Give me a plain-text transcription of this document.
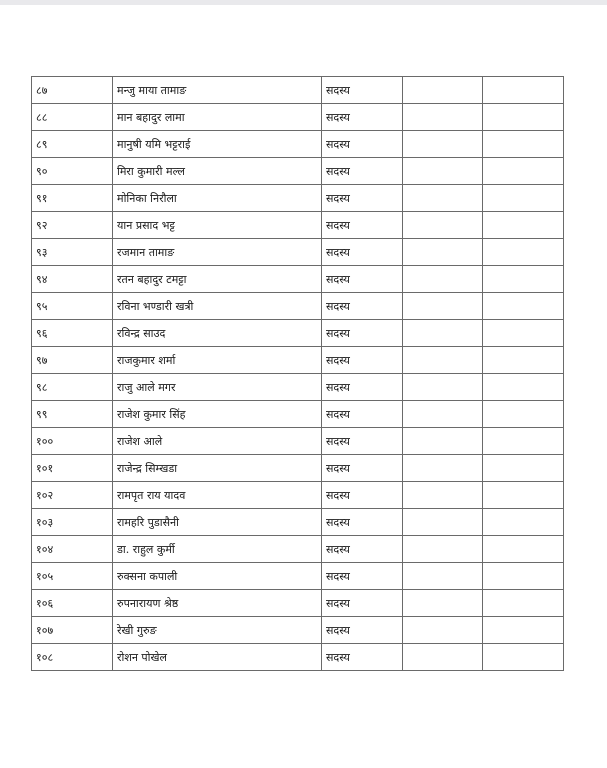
८७	मन्जु माया तामाङ	सदस्य		
८८	मान बहादुर लामा	सदस्य		
८९	मानुषी यमि भट्टराई	सदस्य		
९०	मिरा कुमारी मल्ल	सदस्य		
९१	मोनिका निरौला	सदस्य		
९२	यान प्रसाद भट्ट	सदस्य		
९३	रजमान तामाङ	सदस्य		
९४	रतन बहादुर टमट्टा	सदस्य		
९५	रविना भण्डारी खत्री	सदस्य		
९६	रविन्द्र साउद	सदस्य		
९७	राजकुमार शर्मा	सदस्य		
९८	राजु आले मगर	सदस्य		
९९	राजेश कुमार सिंह	सदस्य		
१००	राजेश आले	सदस्य		
१०१	राजेन्द्र सिम्खडा	सदस्य		
१०२	रामपृत राय यादव	सदस्य		
१०३	रामहरि पुडासैनी	सदस्य		
१०४	डा. राहुल कुर्मी	सदस्य		
१०५	रुक्सना कपाली	सदस्य		
१०६	रुपनारायण श्रेष्ठ	सदस्य		
१०७	रेखी गुरुङ	सदस्य		
१०८	रोशन पोखेल	सदस्य		
